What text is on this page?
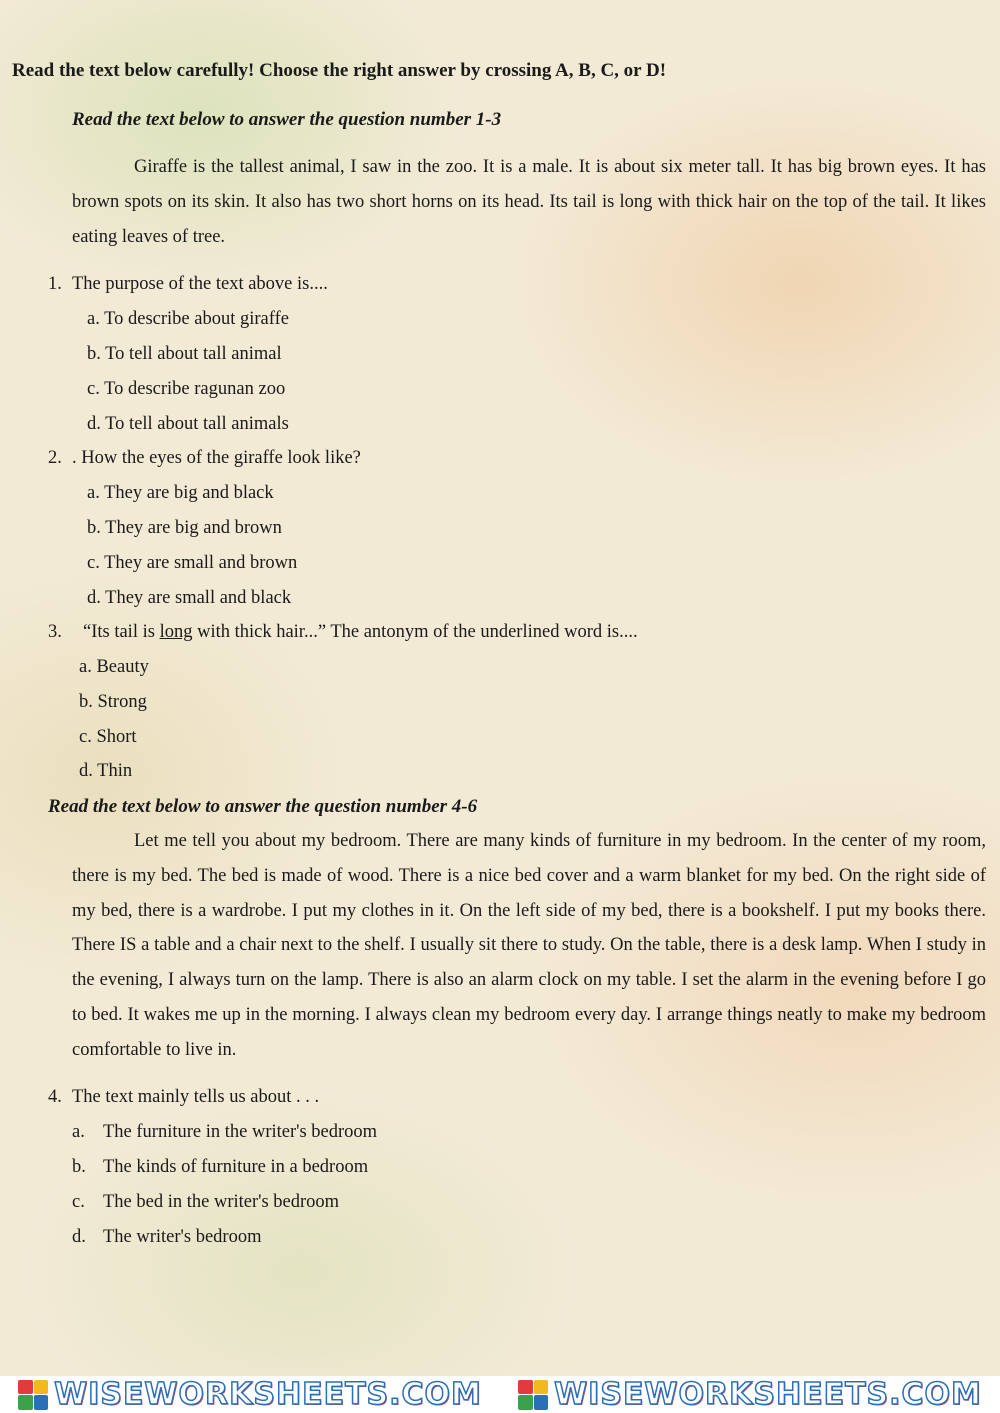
Read the text below carefully! Choose the right answer by crossing A, B, C, or D!
Read the text below to answer the question number 1-3

Giraffe is the tallest animal, I saw in the zoo. It is a male. It is about six meter tall. It has big brown eyes. It has brown spots on its skin. It also has two short horns on its head. Its tail is long with thick hair on the top of the tail. It likes eating leaves of tree.

1. The purpose of the text above is....
a. To describe about giraffe
b. To tell about tall animal
c. To describe ragunan zoo
d. To tell about tall animals
2. . How the eyes of the giraffe look like?
a. They are big and black
b. They are big and brown
c. They are small and brown
d. They are small and black
3. “Its tail is long with thick hair...” The antonym of the underlined word is....
a. Beauty
b. Strong
c. Short
d. Thin
Read the text below to answer the question number 4-6

Let me tell you about my bedroom. There are many kinds of furniture in my bedroom. In the center of my room, there is my bed. The bed is made of wood. There is a nice bed cover and a warm blanket for my bed. On the right side of my bed, there is a wardrobe. I put my clothes in it. On the left side of my bed, there is a bookshelf. I put my books there. There IS a table and a chair next to the shelf. I usually sit there to study. On the table, there is a desk lamp. When I study in the evening, I always turn on the lamp. There is also an alarm clock on my table. I set the alarm in the evening before I go to bed. It wakes me up in the morning. I always clean my bedroom every day. I arrange things neatly to make my bedroom comfortable to live in.

4. The text mainly tells us about . . .
a. The furniture in the writer's bedroom
b. The kinds of furniture in a bedroom
c. The bed in the writer's bedroom
d. The writer's bedroom
WISEWORKSHEETS.COM WISEWORKSHEETS.COM
